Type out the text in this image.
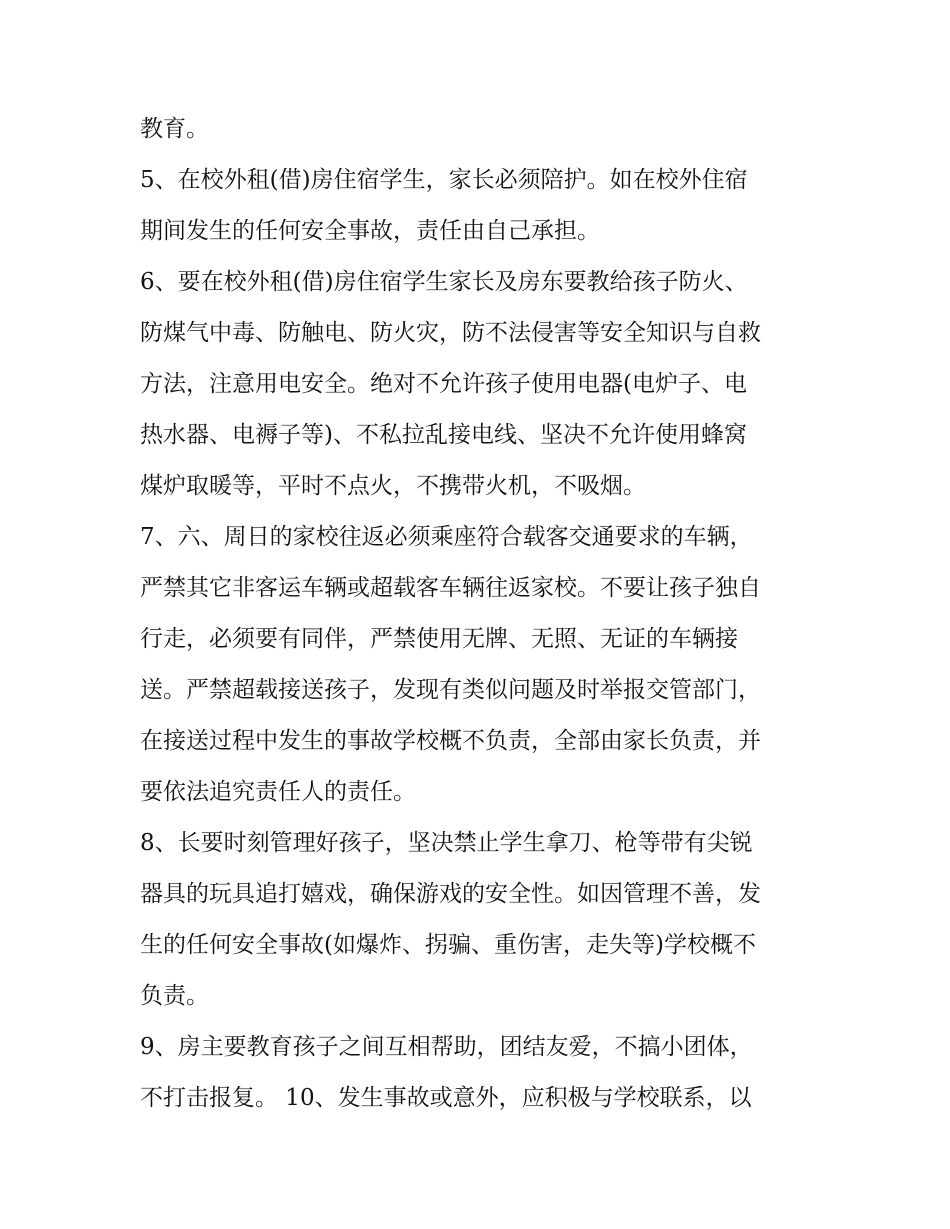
教育。
5、在校外租(借)房住宿学生，家长必须陪护。如在校外住宿
期间发生的任何安全事故，责任由自己承担。
6、要在校外租(借)房住宿学生家长及房东要教给孩子防火、
防煤气中毒、防触电、防火灾，防不法侵害等安全知识与自救
方法，注意用电安全。绝对不允许孩子使用电器(电炉子、电
热水器、电褥子等)、不私拉乱接电线、坚决不允许使用蜂窝
煤炉取暖等，平时不点火，不携带火机，不吸烟。
7、六、周日的家校往返必须乘座符合载客交通要求的车辆，
严禁其它非客运车辆或超载客车辆往返家校。不要让孩子独自
行走，必须要有同伴，严禁使用无牌、无照、无证的车辆接
送。严禁超载接送孩子，发现有类似问题及时举报交管部门，
在接送过程中发生的事故学校概不负责，全部由家长负责，并
要依法追究责任人的责任。
8、长要时刻管理好孩子，坚决禁止学生拿刀、枪等带有尖锐
器具的玩具追打嬉戏，确保游戏的安全性。如因管理不善，发
生的任何安全事故(如爆炸、拐骗、重伤害，走失等)学校概不
负责。
9、房主要教育孩子之间互相帮助，团结友爱，不搞小团体，
不打击报复。 10、发生事故或意外，应积极与学校联系，以
